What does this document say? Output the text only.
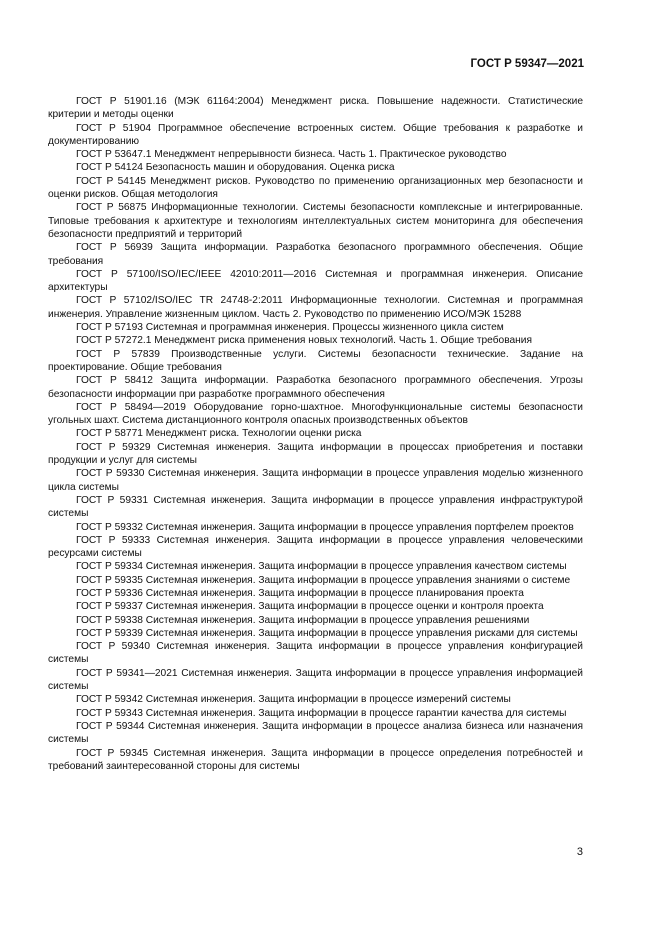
ГОСТ Р 59347—2021

ГОСТ Р 51901.16 (МЭК 61164:2004) Менеджмент риска. Повышение надежности. Статистические критерии и методы оценки

ГОСТ Р 51904 Программное обеспечение встроенных систем. Общие требования к разработке и документированию

ГОСТ Р 53647.1 Менеджмент непрерывности бизнеса. Часть 1. Практическое руководство

ГОСТ Р 54124 Безопасность машин и оборудования. Оценка риска

ГОСТ Р 54145 Менеджмент рисков. Руководство по применению организационных мер безопасности и оценки рисков. Общая методология

ГОСТ Р 56875 Информационные технологии. Системы безопасности комплексные и интегрированные. Типовые требования к архитектуре и технологиям интеллектуальных систем мониторинга для обеспечения безопасности предприятий и территорий

ГОСТ Р 56939 Защита информации. Разработка безопасного программного обеспечения. Общие требования

ГОСТ Р 57100/ISO/IEC/IEEE 42010:2011—2016 Системная и программная инженерия. Описание архитектуры

ГОСТ Р 57102/ISO/IEC TR 24748-2:2011 Информационные технологии. Системная и программная инженерия. Управление жизненным циклом. Часть 2. Руководство по применению ИСО/МЭК 15288

ГОСТ Р 57193 Системная и программная инженерия. Процессы жизненного цикла систем

ГОСТ Р 57272.1 Менеджмент риска применения новых технологий. Часть 1. Общие требования

ГОСТ Р 57839 Производственные услуги. Системы безопасности технические. Задание на проектирование. Общие требования

ГОСТ Р 58412 Защита информации. Разработка безопасного программного обеспечения. Угрозы безопасности информации при разработке программного обеспечения

ГОСТ Р 58494—2019 Оборудование горно-шахтное. Многофункциональные системы безопасности угольных шахт. Система дистанционного контроля опасных производственных объектов

ГОСТ Р 58771 Менеджмент риска. Технологии оценки риска

ГОСТ Р 59329 Системная инженерия. Защита информации в процессах приобретения и поставки продукции и услуг для системы

ГОСТ Р 59330 Системная инженерия. Защита информации в процессе управления моделью жизненного цикла системы

ГОСТ Р 59331 Системная инженерия. Защита информации в процессе управления инфраструктурой системы

ГОСТ Р 59332 Системная инженерия. Защита информации в процессе управления портфелем проектов

ГОСТ Р 59333 Системная инженерия. Защита информации в процессе управления человеческими ресурсами системы

ГОСТ Р 59334 Системная инженерия. Защита информации в процессе управления качеством системы

ГОСТ Р 59335 Системная инженерия. Защита информации в процессе управления знаниями о системе

ГОСТ Р 59336 Системная инженерия. Защита информации в процессе планирования проекта

ГОСТ Р 59337 Системная инженерия. Защита информации в процессе оценки и контроля проекта

ГОСТ Р 59338 Системная инженерия. Защита информации в процессе управления решениями

ГОСТ Р 59339 Системная инженерия. Защита информации в процессе управления рисками для системы

ГОСТ Р 59340 Системная инженерия. Защита информации в процессе управления конфигурацией системы

ГОСТ Р 59341—2021 Системная инженерия. Защита информации в процессе управления информацией системы

ГОСТ Р 59342 Системная инженерия. Защита информации в процессе измерений системы

ГОСТ Р 59343 Системная инженерия. Защита информации в процессе гарантии качества для системы

ГОСТ Р 59344 Системная инженерия. Защита информации в процессе анализа бизнеса или назначения системы

ГОСТ Р 59345 Системная инженерия. Защита информации в процессе определения потребностей и требований заинтересованной стороны для системы

3
